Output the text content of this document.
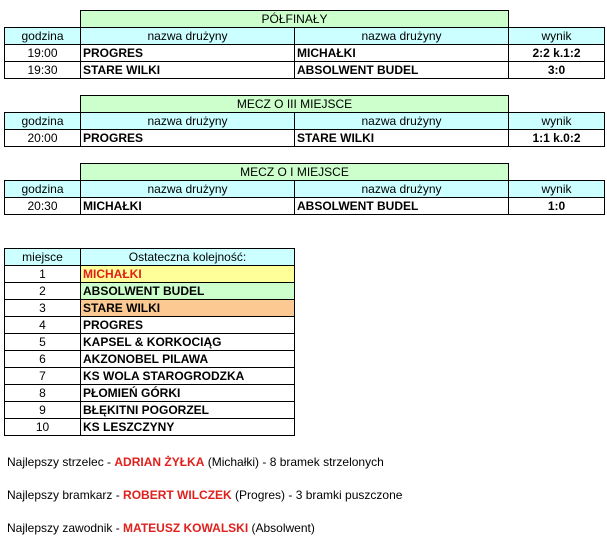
	PÓŁFINAŁY		
godzina	nazwa drużyny	nazwa drużyny	wynik
19:00	PROGRES	MICHAŁKI	2:2 k.1:2
19:30	STARE WILKI	ABSOLWENT BUDEL	3:0
	MECZ O III MIEJSCE		
godzina	nazwa drużyny	nazwa drużyny	wynik
20:00	PROGRES	STARE WILKI	1:1 k.0:2
	MECZ O I MIEJSCE		
godzina	nazwa drużyny	nazwa drużyny	wynik
20:30	MICHAŁKI	ABSOLWENT BUDEL	1:0
miejsce	Ostateczna kolejność:
1	MICHAŁKI
2	ABSOLWENT BUDEL
3	STARE WILKI
4	PROGRES
5	KAPSEL & KORKOCIĄG
6	AKZONOBEL PILAWA
7	KS WOLA STAROGRODZKA
8	PŁOMIEŃ GÓRKI
9	BŁĘKITNI POGORZEL
10	KS LESZCZYNY
Najlepszy strzelec - ADRIAN ŻYŁKA (Michałki) - 8 bramek strzelonych
Najlepszy bramkarz - ROBERT WILCZEK (Progres) - 3 bramki puszczone
Najlepszy zawodnik - MATEUSZ KOWALSKI (Absolwent)
